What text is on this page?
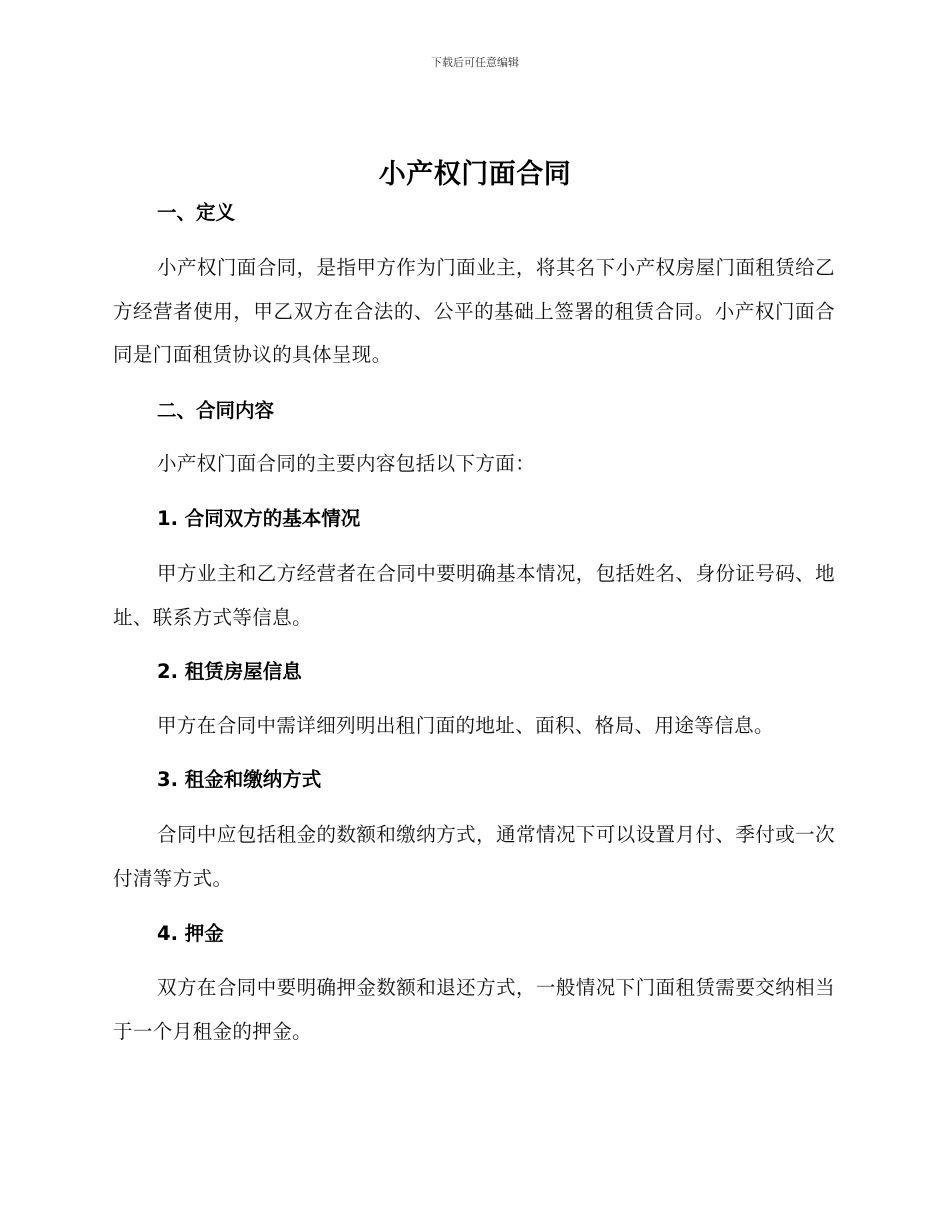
下载后可任意编辑
小产权门面合同
一、定义
小产权门面合同，是指甲方作为门面业主，将其名下小产权房屋门面租赁给乙方经营者使用，甲乙双方在合法的、公平的基础上签署的租赁合同。小产权门面合同是门面租赁协议的具体呈现。
二、合同内容
小产权门面合同的主要内容包括以下方面：
1. 合同双方的基本情况
甲方业主和乙方经营者在合同中要明确基本情况，包括姓名、身份证号码、地址、联系方式等信息。
2. 租赁房屋信息
甲方在合同中需详细列明出租门面的地址、面积、格局、用途等信息。
3. 租金和缴纳方式
合同中应包括租金的数额和缴纳方式，通常情况下可以设置月付、季付或一次付清等方式。
4. 押金
双方在合同中要明确押金数额和退还方式，一般情况下门面租赁需要交纳相当于一个月租金的押金。
